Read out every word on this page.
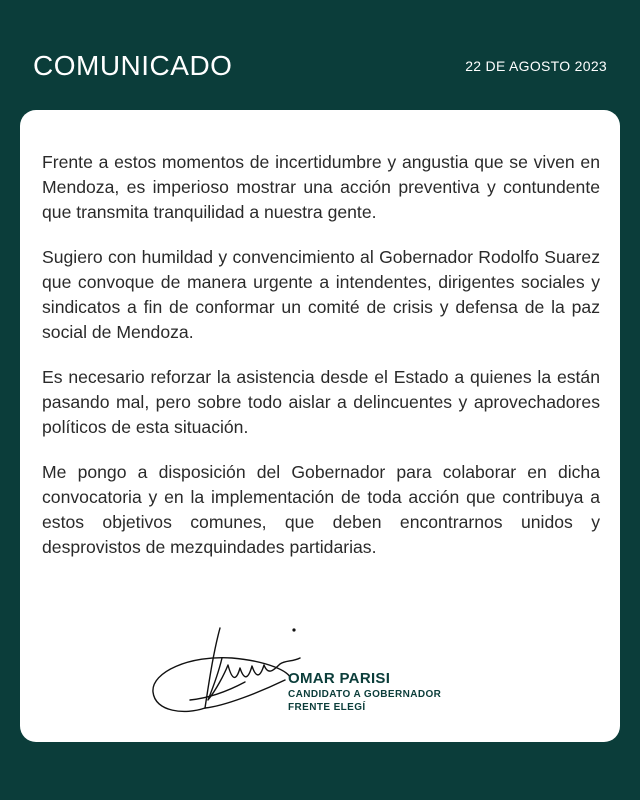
COMUNICADO	22 DE AGOSTO 2023

Frente a estos momentos de incertidumbre y angustia que se viven en Mendoza, es imperioso mostrar una acción preventiva y contundente que transmita tranquilidad a nuestra gente.

Sugiero con humildad y convencimiento al Gobernador Rodolfo Suarez que convoque de manera urgente a intendentes, dirigentes sociales y sindicatos a fin de conformar un comité de crisis y defensa de la paz social de Mendoza.

Es necesario reforzar la asistencia desde el Estado a quienes la están pasando mal, pero sobre todo aislar a delincuentes y aprovechadores políticos de esta situación.

Me pongo a disposición del Gobernador para colaborar en dicha convocatoria y en la implementación de toda acción que contribuya a estos objetivos comunes, que deben encontrarnos unidos y desprovistos de mezquindades partidarias.

OMAR PARISI
CANDIDATO A GOBERNADOR
FRENTE ELEGÍ
